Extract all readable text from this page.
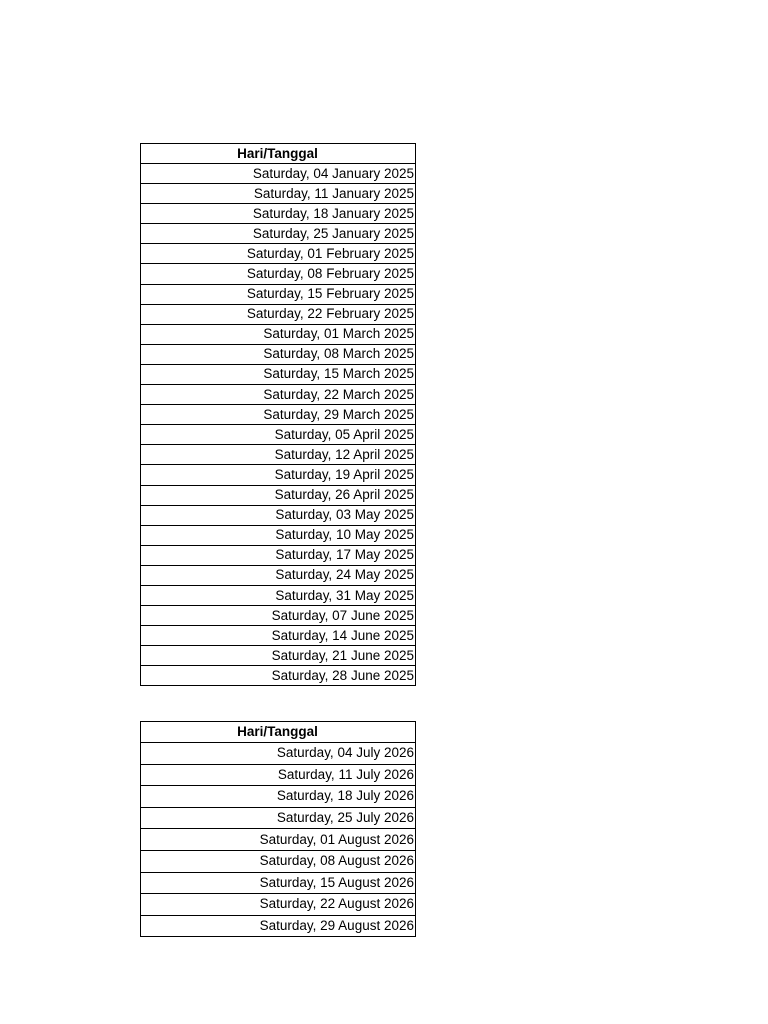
Hari/Tanggal
Saturday, 04 January 2025
Saturday, 11 January 2025
Saturday, 18 January 2025
Saturday, 25 January 2025
Saturday, 01 February 2025
Saturday, 08 February 2025
Saturday, 15 February 2025
Saturday, 22 February 2025
Saturday, 01 March 2025
Saturday, 08 March 2025
Saturday, 15 March 2025
Saturday, 22 March 2025
Saturday, 29 March 2025
Saturday, 05 April 2025
Saturday, 12 April 2025
Saturday, 19 April 2025
Saturday, 26 April 2025
Saturday, 03 May 2025
Saturday, 10 May 2025
Saturday, 17 May 2025
Saturday, 24 May 2025
Saturday, 31 May 2025
Saturday, 07 June 2025
Saturday, 14 June 2025
Saturday, 21 June 2025
Saturday, 28 June 2025
Hari/Tanggal
Saturday, 04 July 2026
Saturday, 11 July 2026
Saturday, 18 July 2026
Saturday, 25 July 2026
Saturday, 01 August 2026
Saturday, 08 August 2026
Saturday, 15 August 2026
Saturday, 22 August 2026
Saturday, 29 August 2026
